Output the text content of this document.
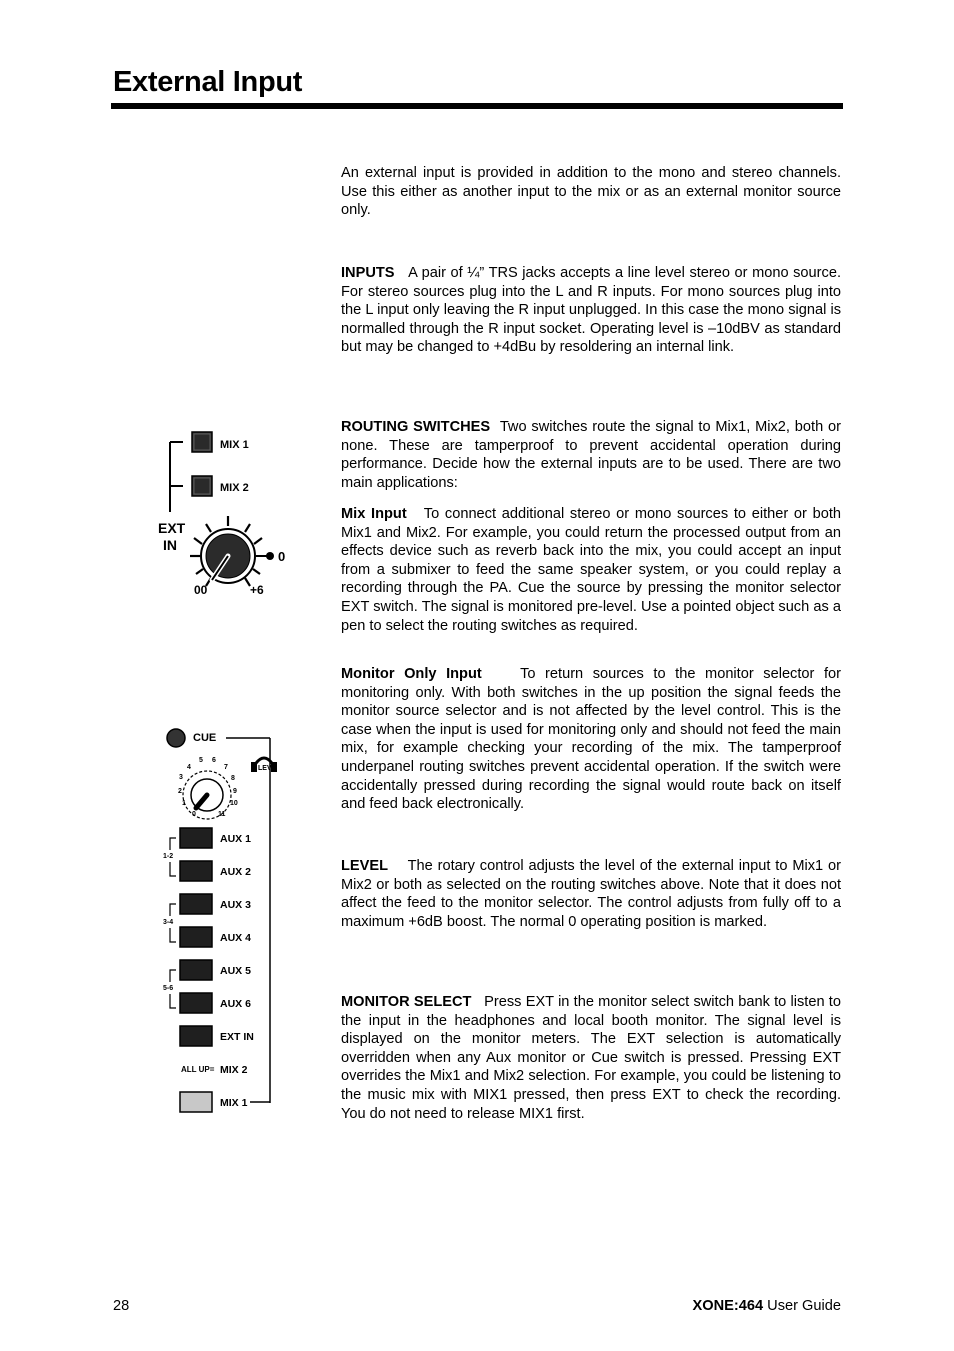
External Input

An external input is provided in addition to the mono and stereo channels. Use this either as another input to the mix or as an external monitor source only.

INPUTS A pair of ¼” TRS jacks accepts a line level stereo or mono source. For stereo sources plug into the L and R inputs. For mono sources plug into the L input only leaving the R input unplugged. In this case the mono signal is normalled through the R input socket. Operating level is –10dBV as standard but may be changed to +4dBu by resoldering an internal link.

ROUTING SWITCHES Two switches route the signal to Mix1, Mix2, both or none. These are tamperproof to prevent accidental operation during performance. Decide how the external inputs are to be used. There are two main applications:

Mix Input To connect additional stereo or mono sources to either or both Mix1 and Mix2. For example, you could return the processed output from an effects device such as reverb back into the mix, you could accept an input from a submixer to feed the same speaker system, or you could replay a recording through the PA. Cue the source by pressing the monitor selector EXT switch. The signal is monitored pre-level. Use a pointed object such as a pen to select the routing switches as required.

Monitor Only Input	To return sources to the monitor selector for monitoring only. With both switches in the up position the signal feeds the monitor source selector and is not affected by the level control. This is the case when the input is used for monitoring only and should not feed the main mix, for example checking your recording of the mix. The tamperproof underpanel routing switches prevent accidental operation. If the switch were accidentally pressed during recording the signal would route back on itself and feed back electronically.

LEVEL The rotary control adjusts the level of the external input to Mix1 or Mix2 or both as selected on the routing switches above. Note that it does not affect the feed to the monitor selector. The control adjusts from fully off to a maximum +6dB boost. The normal 0 operating position is marked.

MONITOR SELECT Press EXT in the monitor select switch bank to listen to the input in the headphones and local booth monitor. The signal level is displayed on the monitor meters. The EXT selection is automatically overridden when any Aux monitor or Cue switch is pressed. Pressing EXT overrides the Mix1 and Mix2 selection. For example, you could be listening to the music mix with MIX1 pressed, then press EXT to check the recording. You do not need to release MIX1 first.

MIX 1
MIX 2
EXT
IN
0
00	+6
CUE
LEV
0
1
2
3
4
5 6
7
8
9
10
11
1-2
3-4
5-6
AUX 1
AUX 2
AUX 3
AUX 4
AUX 5
AUX 6
EXT IN
MIX 2
MIX 1
ALL UP=
28	XONE:464 User Guide
